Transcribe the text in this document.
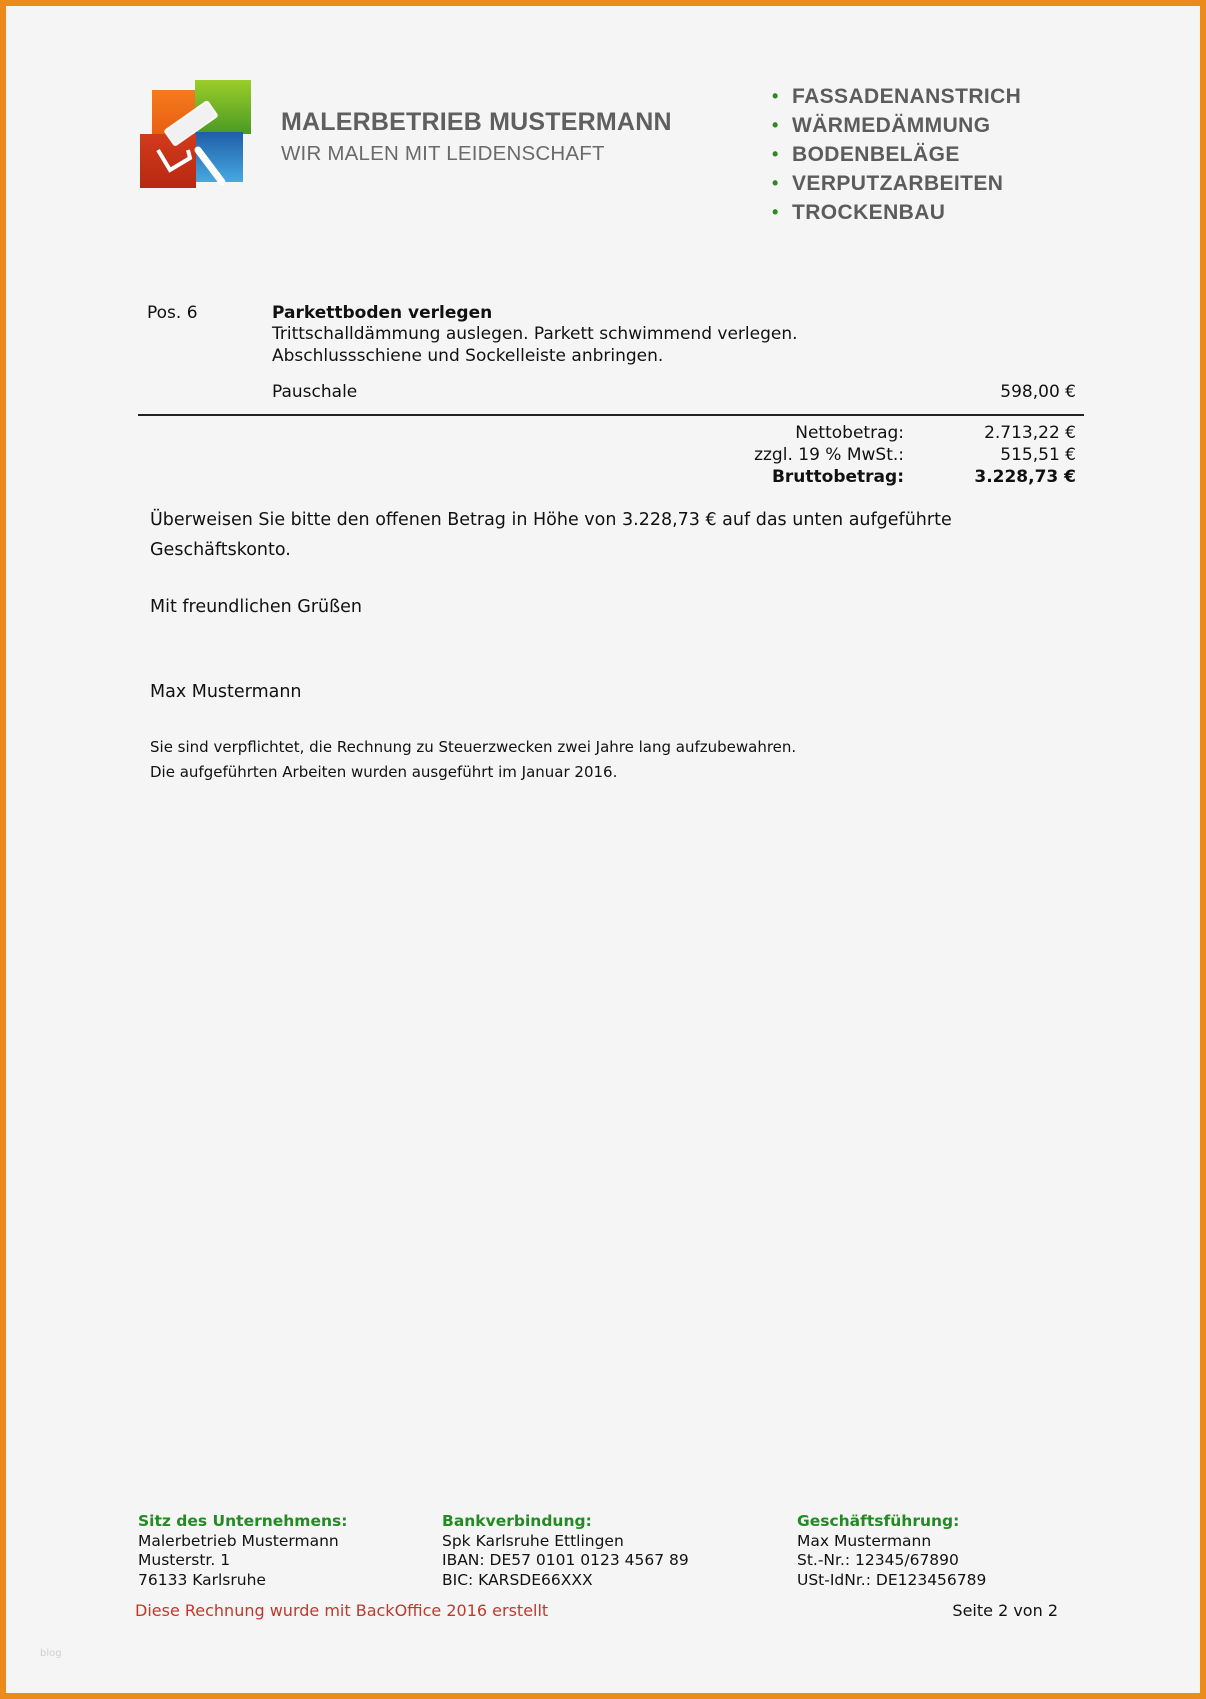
MALERBETRIEB MUSTERMANN
WIR MALEN MIT LEIDENSCHAFT
• FASSADENANSTRICH
• WÄRMEDÄMMUNG
• BODENBELÄGE
• VERPUTZARBEITEN
• TROCKENBAU
Pos. 6	Parkettboden verlegen
Trittschalldämmung auslegen. Parkett schwimmend verlegen.
Abschlussschiene und Sockelleiste anbringen.
Pauschale	598,00 €
Nettobetrag:	2.713,22 €
zzgl. 19 % MwSt.:	515,51 €
Bruttobetrag:	3.228,73 €
Überweisen Sie bitte den offenen Betrag in Höhe von 3.228,73 € auf das unten aufgeführte
Geschäftskonto.
Mit freundlichen Grüßen
Max Mustermann
Sie sind verpflichtet, die Rechnung zu Steuerzwecken zwei Jahre lang aufzubewahren.
Die aufgeführten Arbeiten wurden ausgeführt im Januar 2016.
Sitz des Unternehmens:
Malerbetrieb Mustermann
Musterstr. 1
76133 Karlsruhe
Bankverbindung:
Spk Karlsruhe Ettlingen
IBAN: DE57 0101 0123 4567 89
BIC: KARSDE66XXX
Geschäftsführung:
Max Mustermann
St.-Nr.: 12345/67890
USt-IdNr.: DE123456789
Diese Rechnung wurde mit BackOffice 2016 erstellt	Seite 2 von 2
blog
